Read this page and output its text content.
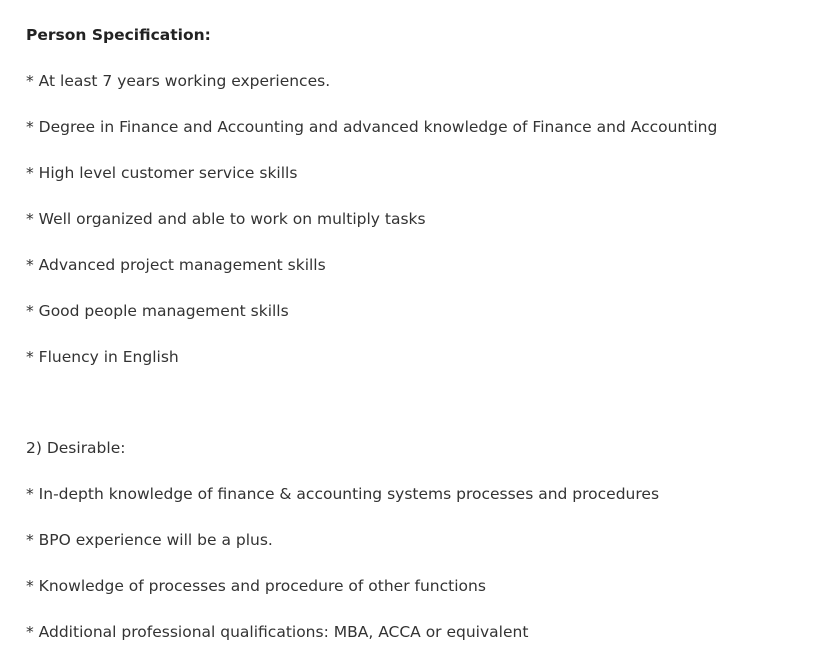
Person Specification:
* At least 7 years working experiences.
* Degree in Finance and Accounting and advanced knowledge of Finance and Accounting
* High level customer service skills
* Well organized and able to work on multiply tasks
* Advanced project management skills
* Good people management skills
* Fluency in English
2) Desirable:
* In-depth knowledge of finance & accounting systems processes and procedures
* BPO experience will be a plus.
* Knowledge of processes and procedure of other functions
* Additional professional qualifications: MBA, ACCA or equivalent
